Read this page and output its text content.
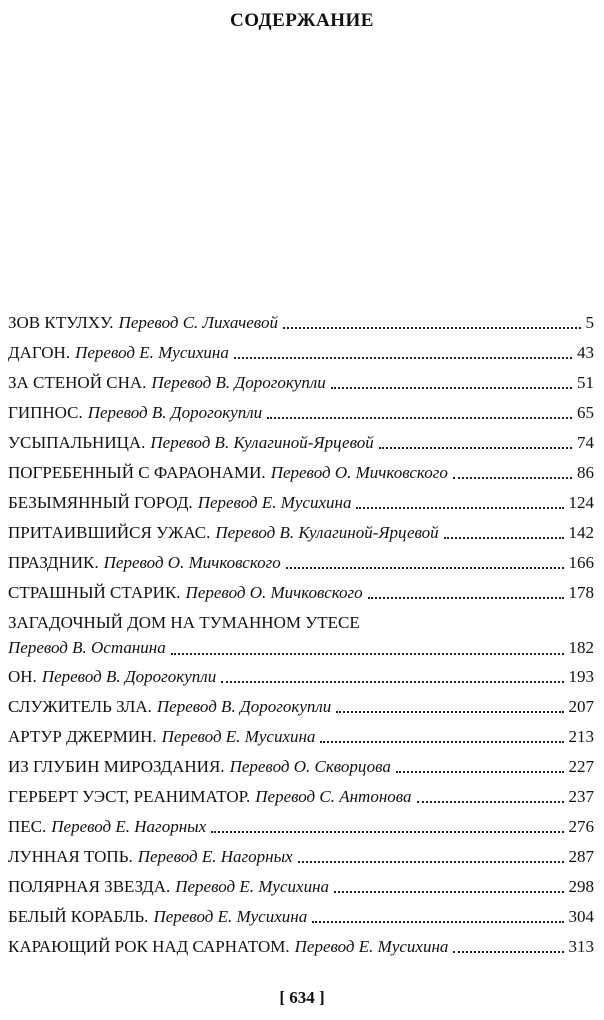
СОДЕРЖАНИЕ
ЗОВ КТУЛХУ. Перевод С. Лихачевой	5
ДАГОН. Перевод Е. Мусихина	43
ЗА СТЕНОЙ СНА. Перевод В. Дорогокупли	51
ГИПНОС. Перевод В. Дорогокупли	65
УСЫПАЛЬНИЦА. Перевод В. Кулагиной-Ярцевой	74
ПОГРЕБЕННЫЙ С ФАРАОНАМИ. Перевод О. Мичковского	86
БЕЗЫМЯННЫЙ ГОРОД. Перевод Е. Мусихина	124
ПРИТАИВШИЙСЯ УЖАС. Перевод В. Кулагиной-Ярцевой	142
ПРАЗДНИК. Перевод О. Мичковского	166
СТРАШНЫЙ СТАРИК. Перевод О. Мичковского	178
ЗАГАДОЧНЫЙ ДОМ НА ТУМАННОМ УТЕСЕ
Перевод В. Останина	182
ОН. Перевод В. Дорогокупли	193
СЛУЖИТЕЛЬ ЗЛА. Перевод В. Дорогокупли	207
АРТУР ДЖЕРМИН. Перевод Е. Мусихина	213
ИЗ ГЛУБИН МИРОЗДАНИЯ. Перевод О. Скворцова	227
ГЕРБЕРТ УЭСТ, РЕАНИМАТОР. Перевод С. Антонова	237
ПЕС. Перевод Е. Нагорных	276
ЛУННАЯ ТОПЬ. Перевод Е. Нагорных	287
ПОЛЯРНАЯ ЗВЕЗДА. Перевод Е. Мусихина	298
БЕЛЫЙ КОРАБЛЬ. Перевод Е. Мусихина	304
КАРАЮЩИЙ РОК НАД САРНАТОМ. Перевод Е. Мусихина	313
[ 634 ]
